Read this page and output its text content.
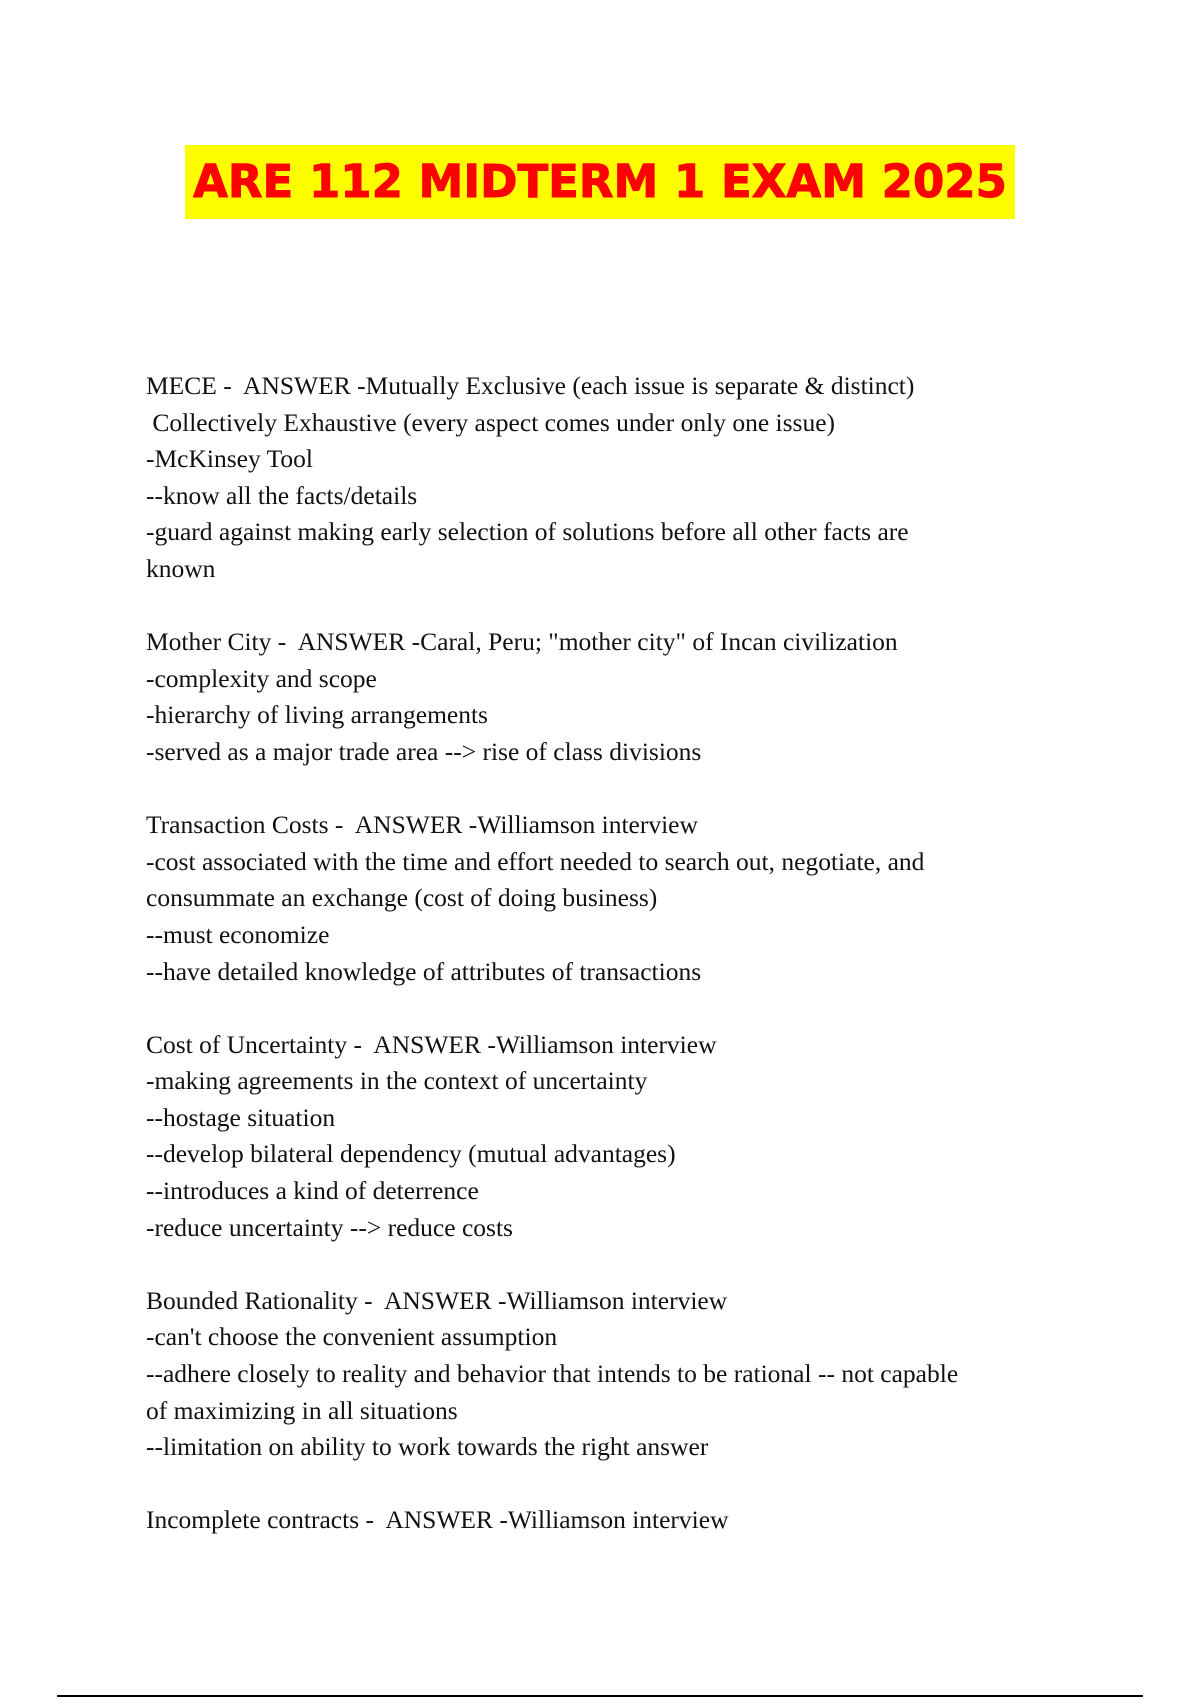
ARE 112 MIDTERM 1 EXAM 2025
MECE -  ANSWER -Mutually Exclusive (each issue is separate & distinct)
Collectively Exhaustive (every aspect comes under only one issue)
-McKinsey Tool
--know all the facts/details
-guard against making early selection of solutions before all other facts are
known
Mother City -  ANSWER -Caral, Peru; "mother city" of Incan civilization
-complexity and scope
-hierarchy of living arrangements
-served as a major trade area --> rise of class divisions
Transaction Costs -  ANSWER -Williamson interview
-cost associated with the time and effort needed to search out, negotiate, and
consummate an exchange (cost of doing business)
--must economize
--have detailed knowledge of attributes of transactions
Cost of Uncertainty -  ANSWER -Williamson interview
-making agreements in the context of uncertainty
--hostage situation
--develop bilateral dependency (mutual advantages)
--introduces a kind of deterrence
-reduce uncertainty --> reduce costs
Bounded Rationality -  ANSWER -Williamson interview
-can't choose the convenient assumption
--adhere closely to reality and behavior that intends to be rational -- not capable
of maximizing in all situations
--limitation on ability to work towards the right answer
Incomplete contracts -  ANSWER -Williamson interview
